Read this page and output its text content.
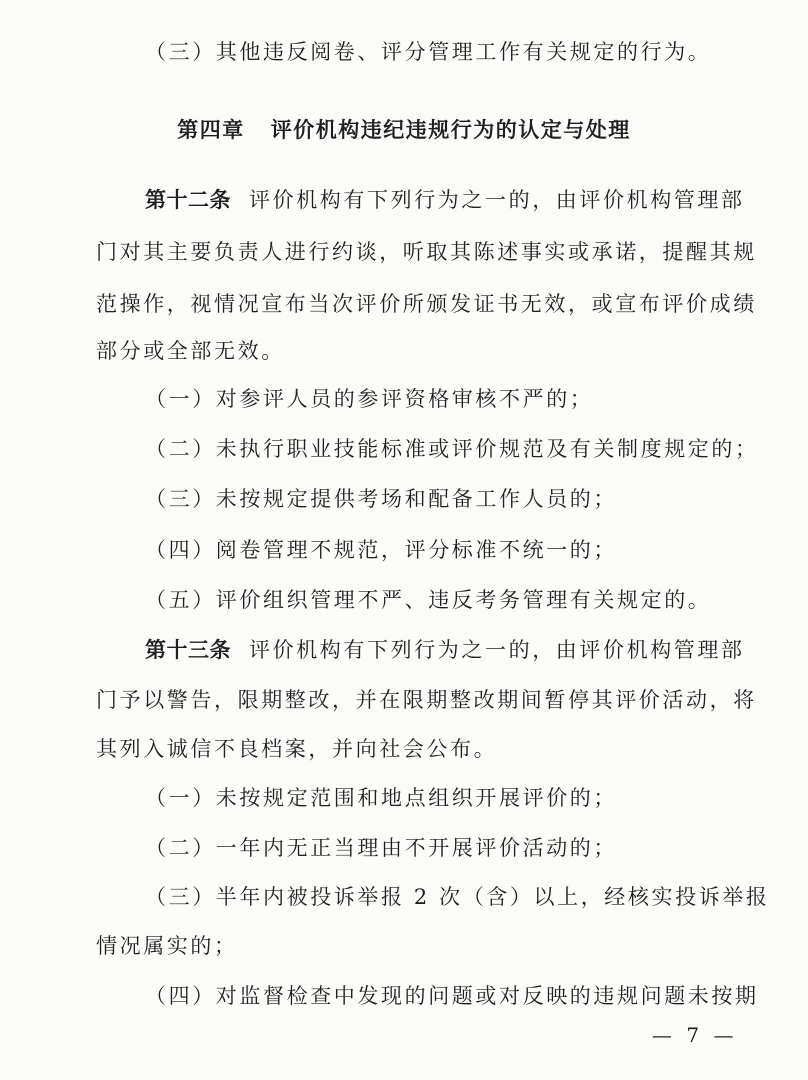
（三）其他违反阅卷、评分管理工作有关规定的行为。
第四章 评价机构违纪违规行为的认定与处理
第十二条 评价机构有下列行为之一的，由评价机构管理部
门对其主要负责人进行约谈，听取其陈述事实或承诺，提醒其规
范操作，视情况宣布当次评价所颁发证书无效，或宣布评价成绩
部分或全部无效。
（一）对参评人员的参评资格审核不严的；
（二）未执行职业技能标准或评价规范及有关制度规定的；
（三）未按规定提供考场和配备工作人员的；
（四）阅卷管理不规范，评分标准不统一的；
（五）评价组织管理不严、违反考务管理有关规定的。
第十三条 评价机构有下列行为之一的，由评价机构管理部
门予以警告，限期整改，并在限期整改期间暂停其评价活动，将
其列入诚信不良档案，并向社会公布。
（一）未按规定范围和地点组织开展评价的；
（二）一年内无正当理由不开展评价活动的；
（三）半年内被投诉举报 2 次（含）以上，经核实投诉举报
情况属实的；
（四）对监督检查中发现的问题或对反映的违规问题未按期
— 7 —
